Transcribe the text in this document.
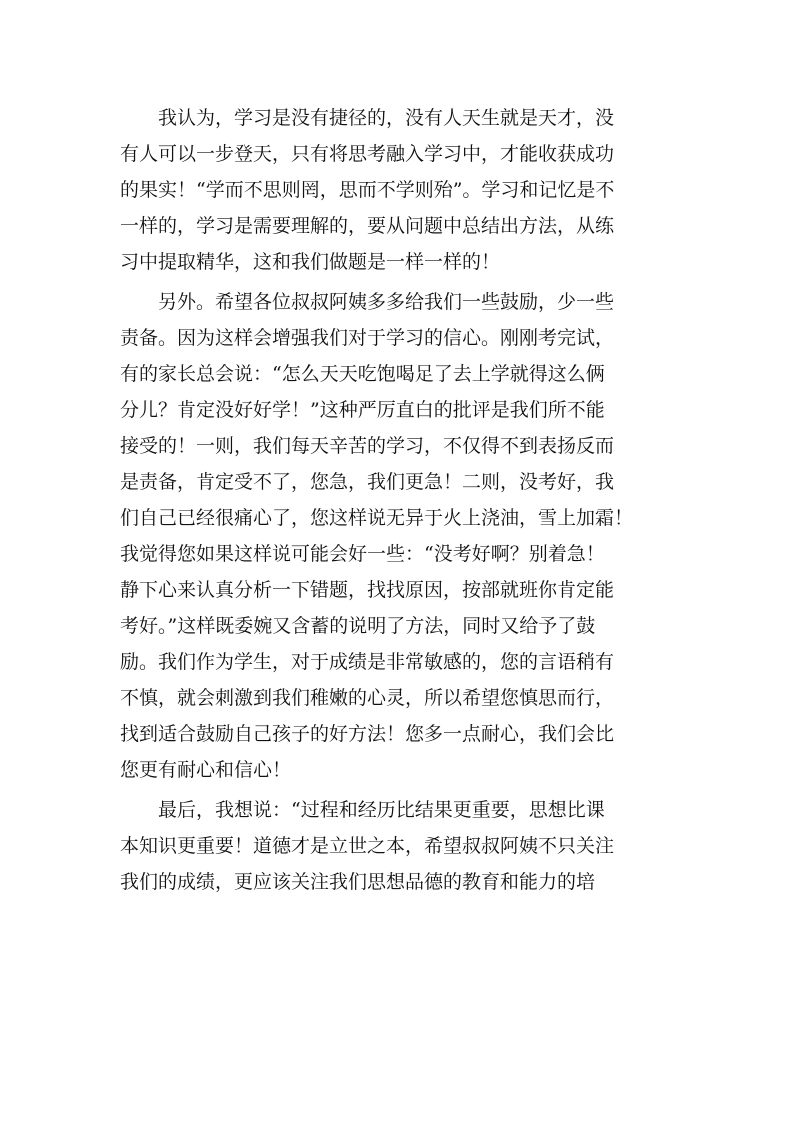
　　我认为，学习是没有捷径的，没有人天生就是天才，没
有人可以一步登天，只有将思考融入学习中，才能收获成功
的果实！“学而不思则罔，思而不学则殆”。学习和记忆是不
一样的，学习是需要理解的，要从问题中总结出方法，从练
习中提取精华，这和我们做题是一样一样的！
　　另外。希望各位叔叔阿姨多多给我们一些鼓励，少一些
责备。因为这样会增强我们对于学习的信心。刚刚考完试，
有的家长总会说：“怎么天天吃饱喝足了去上学就得这么俩
分儿？肯定没好好学！”这种严厉直白的批评是我们所不能
接受的！一则，我们每天辛苦的学习，不仅得不到表扬反而
是责备，肯定受不了，您急，我们更急！二则，没考好，我
们自己已经很痛心了，您这样说无异于火上浇油，雪上加霜！
我觉得您如果这样说可能会好一些：“没考好啊？别着急！
静下心来认真分析一下错题，找找原因，按部就班你肯定能
考好。”这样既委婉又含蓄的说明了方法，同时又给予了鼓
励。我们作为学生，对于成绩是非常敏感的，您的言语稍有
不慎，就会刺激到我们稚嫩的心灵，所以希望您慎思而行，
找到适合鼓励自己孩子的好方法！您多一点耐心，我们会比
您更有耐心和信心！
　　最后，我想说：“过程和经历比结果更重要，思想比课
本知识更重要！道德才是立世之本，希望叔叔阿姨不只关注
我们的成绩，更应该关注我们思想品德的教育和能力的培
